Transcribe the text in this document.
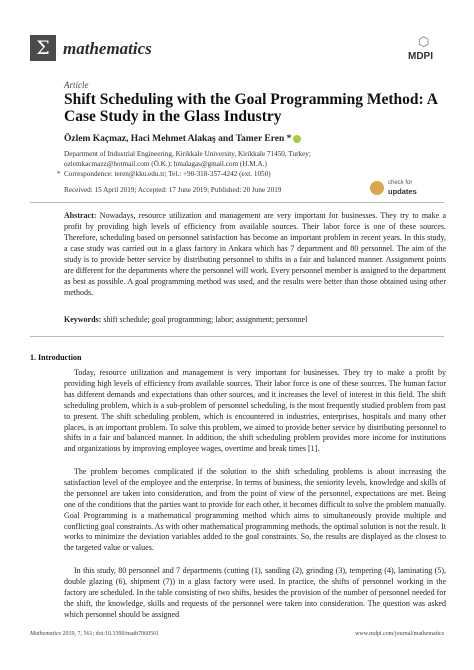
Σ mathematics	⬡
MDPI
Article
Shift Scheduling with the Goal Programming Method: A Case Study in the Glass Industry
Özlem Kaçmaz, Haci Mehmet Alakaş and Tamer Eren *
Department of Industrial Engineering, Kirikkale University, Kirikkale 71450, Turkey;
ozlemkacmazz@hotmail.com (Ö.K.); hmalagas@gmail.com (H.M.A.)
* Correspondence: teren@kku.edu.tr; Tel.: +90-318-357-4242 (ext. 1050)
Received: 15 April 2019; Accepted: 17 June 2019; Published: 20 June 2019
check for
updates
Abstract: Nowadays, resource utilization and management are very important for businesses. They try to make a profit by providing high levels of efficiency from available sources. Their labor force is one of these sources. Therefore, scheduling based on personnel satisfaction has become an important problem in recent years. In this study, a case study was carried out in a glass factory in Ankara which has 7 department and 80 personnel. The aim of the study is to provide better service by distributing personnel to shifts in a fair and balanced manner. Assignment points are different for the departments where the personnel will work. Every personnel member is assigned to the department as best as possible. A goal programming method was used, and the results were better than those obtained using other methods.
Keywords: shift schedule; goal programming; labor; assignment; personnel
1. Introduction
Today, resource utilization and management is very important for businesses. They try to make a profit by providing high levels of efficiency from available sources. Their labor force is one of these sources. The human factor has different demands and expectations than other sources, and it increases the level of interest in this field. The shift scheduling problem, which is a sub-problem of personnel scheduling, is the most frequently studied problem from past to present. The shift scheduling problem, which is encountered in industries, enterprises, hospitals and many other places, is an important problem. To solve this problem, we aimed to provide better service by distributing personnel to shifts in a fair and balanced manner. In addition, the shift scheduling problem provides more income for institutions and organizations by improving employee wages, overtime and break times [1].
The problem becomes complicated if the solution to the shift scheduling problems is about increasing the satisfaction level of the employee and the enterprise. In terms of business, the seniority levels, knowledge and skills of the personnel are taken into consideration, and from the point of view of the personnel, expectations are met. Being one of the conditions that the parties want to provide for each other, it becomes difficult to solve the problem manually. Goal Programming is a mathematical programming method which aims to simultaneously provide multiple and conflicting goal constraints. As with other mathematical programming methods, the optimal solution is not the result. It works to minimize the deviation variables added to the goal constraints. So, the results are displayed as the closest to the targeted value or values.
In this study, 80 personnel and 7 departments (cutting (1), sanding (2), grinding (3), tempering (4), laminating (5), double glazing (6), shipment (7)) in a glass factory were used. In practice, the shifts of personnel working in the factory are scheduled. In the table consisting of two shifts, besides the provision of the number of personnel needed for the shift, the knowledge, skills and requests of the personnel were taken into consideration. The question was asked which personnel should be assigned
Mathematics 2019, 7, 561; doi:10.3390/math7060561	www.mdpi.com/journal/mathematics
